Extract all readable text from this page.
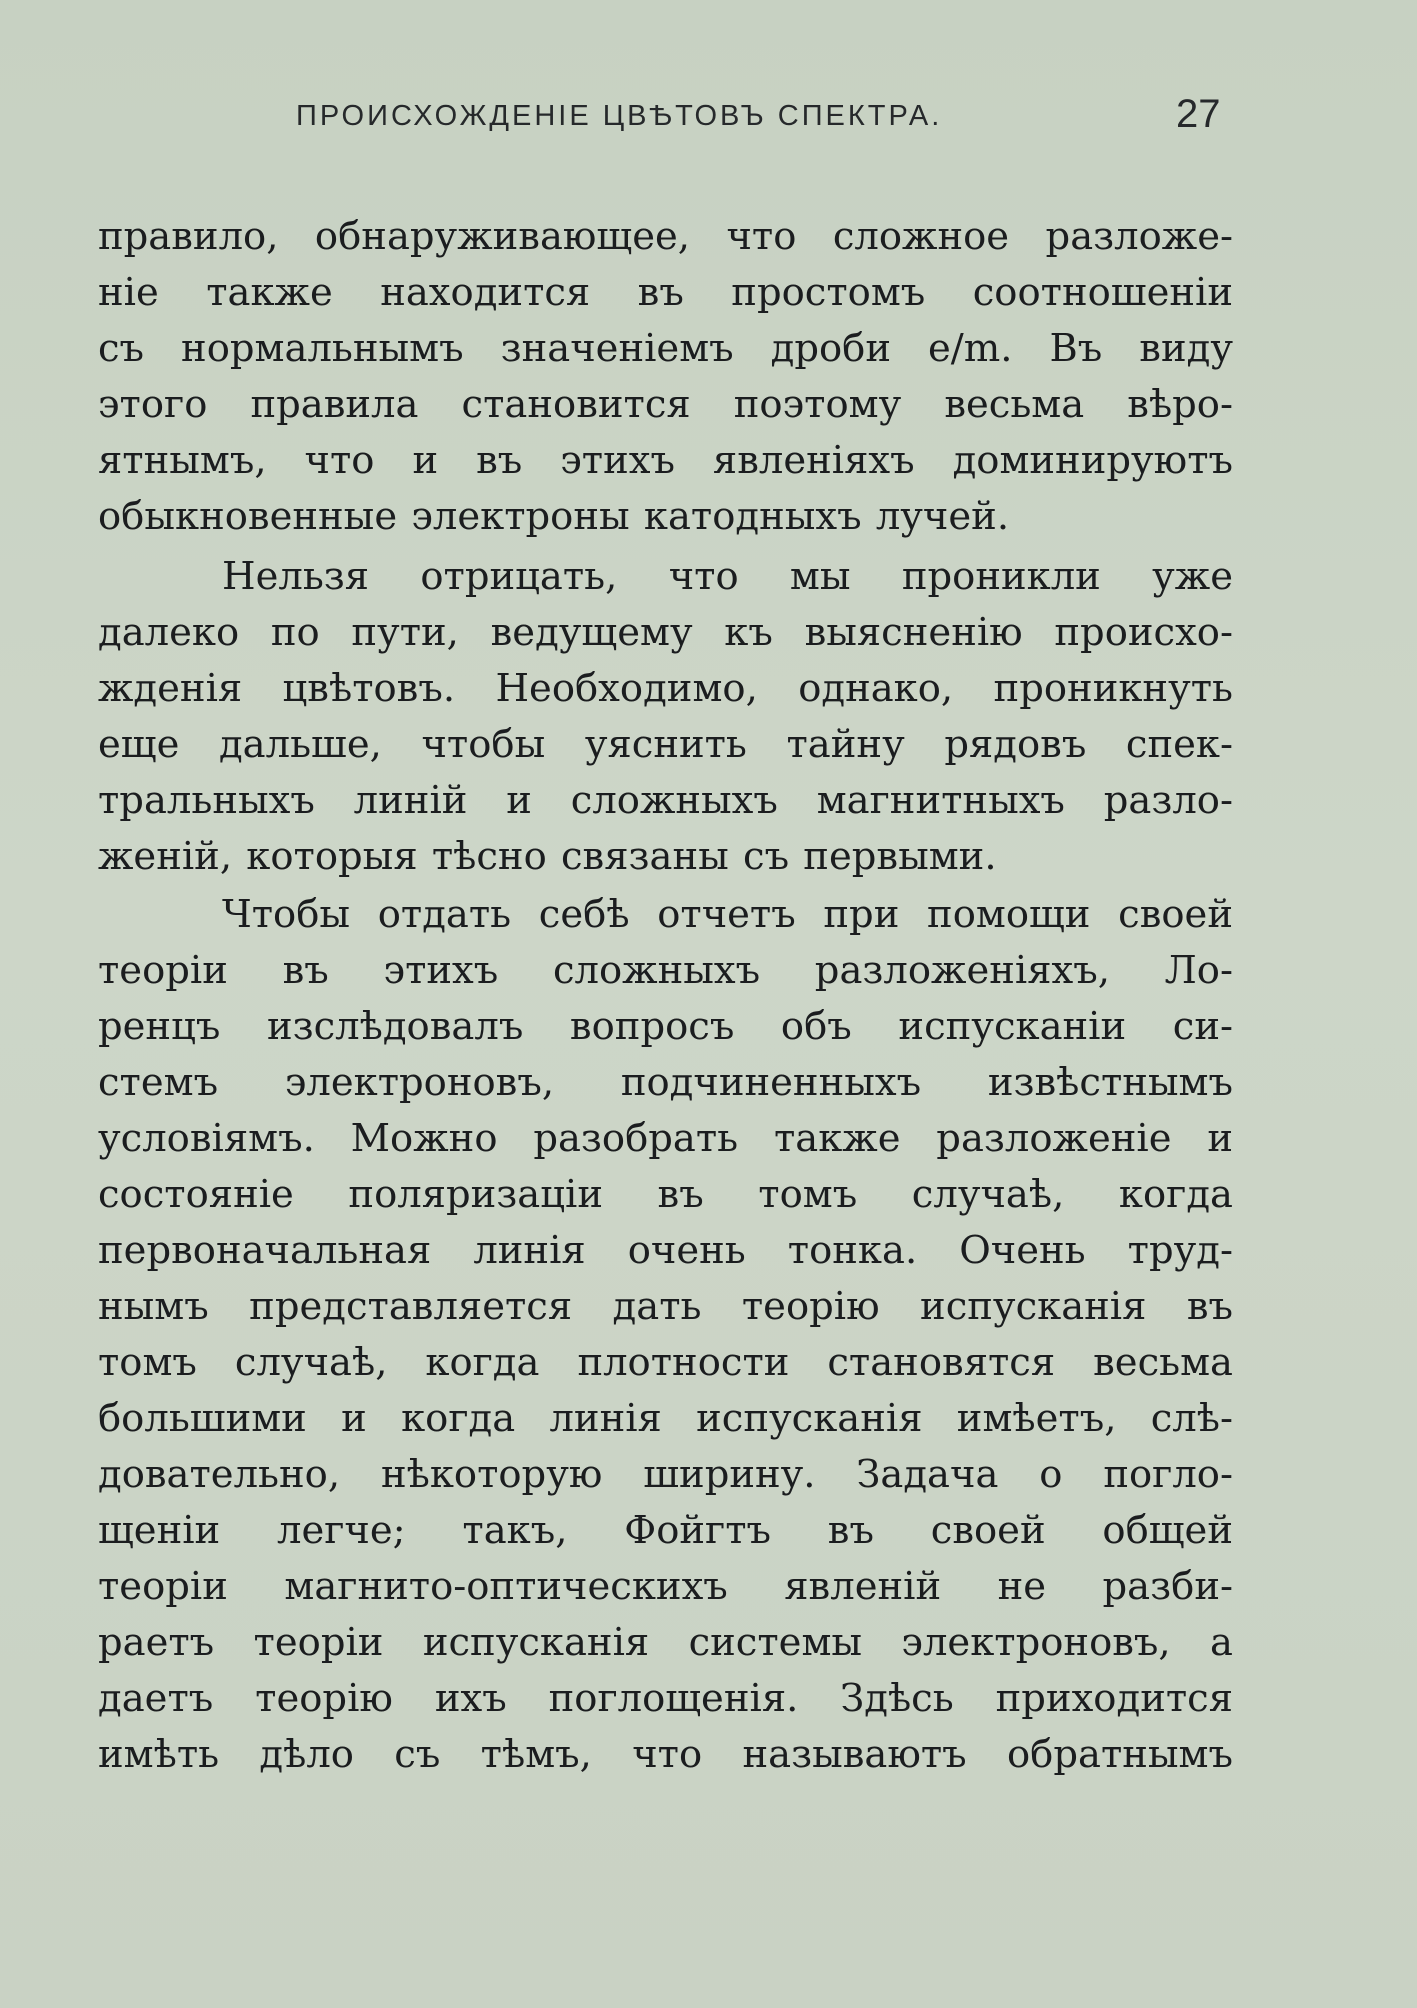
ПРОИСХОЖДЕНІЕ ЦВѢТОВЪ СПЕКТРА.	27
правило, обнаруживающее, что сложное разложе-
ніе также находится въ простомъ соотношеніи
съ нормальнымъ значеніемъ дроби e/m. Въ виду
этого правила становится поэтому весьма вѣро-
ятнымъ, что и въ этихъ явленіяхъ доминируютъ
обыкновенные электроны катодныхъ лучей.
Нельзя отрицать, что мы проникли уже
далеко по пути, ведущему къ выясненію происхо-
жденія цвѣтовъ. Необходимо, однако, проникнуть
еще дальше, чтобы уяснить тайну рядовъ спек-
тральныхъ линій и сложныхъ магнитныхъ разло-
женій, которыя тѣсно связаны съ первыми.
Чтобы отдать себѣ отчетъ при помощи своей
теоріи въ этихъ сложныхъ разложеніяхъ, Ло-
ренцъ изслѣдовалъ вопросъ объ испусканіи си-
стемъ электроновъ, подчиненныхъ извѣстнымъ
условіямъ. Можно разобрать также разложеніе и
состояніе поляризаціи въ томъ случаѣ, когда
первоначальная линія очень тонка. Очень труд-
нымъ представляется дать теорію испусканія въ
томъ случаѣ, когда плотности становятся весьма
большими и когда линія испусканія имѣетъ, слѣ-
довательно, нѣкоторую ширину. Задача о погло-
щеніи легче; такъ, Фойгтъ въ своей общей
теоріи магнито-оптическихъ явленій не разби-
раетъ теоріи испусканія системы электроновъ, а
даетъ теорію ихъ поглощенія. Здѣсь приходится
имѣть дѣло съ тѣмъ, что называютъ обратнымъ
